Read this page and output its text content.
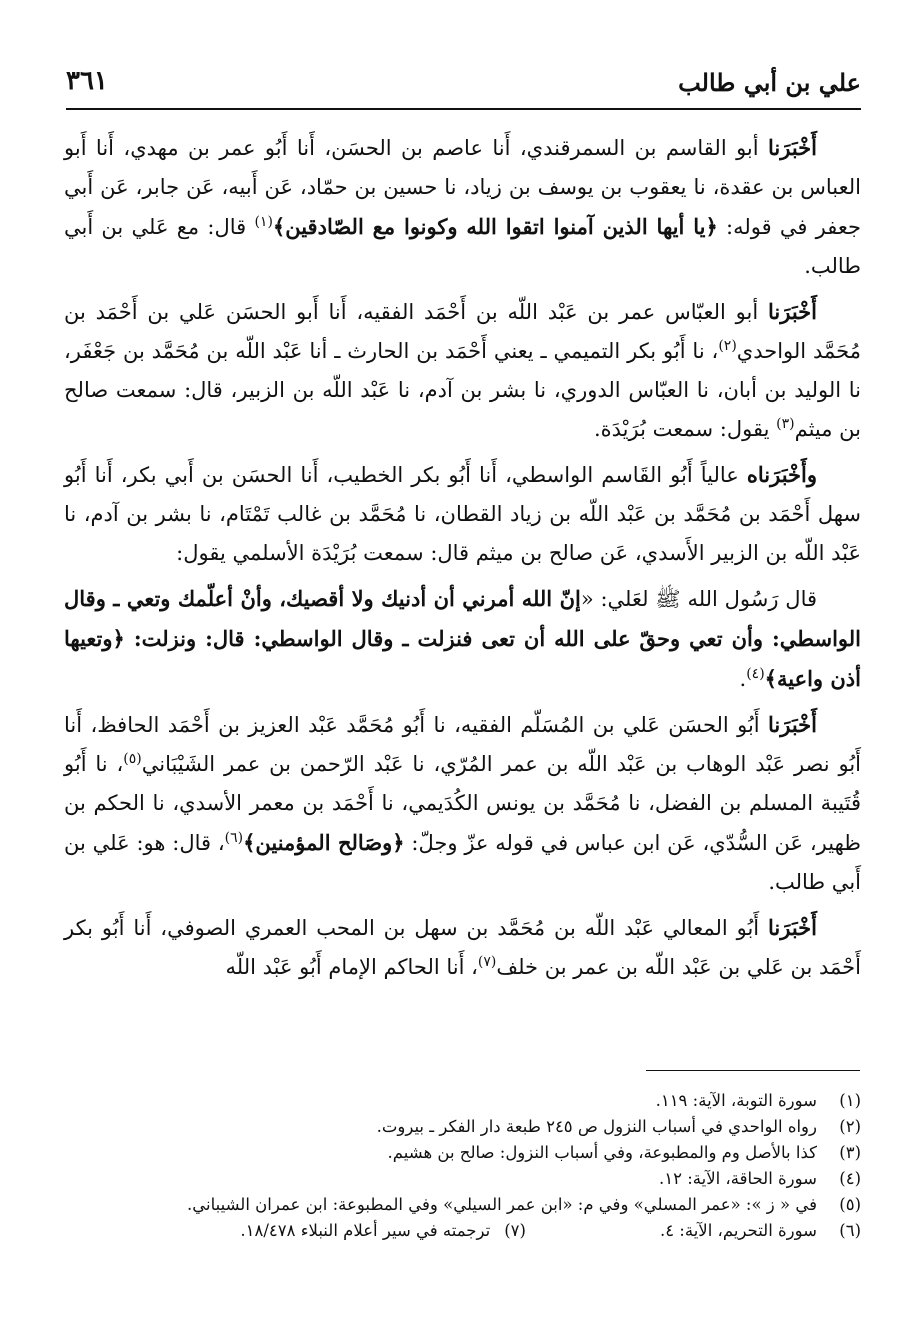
٣٦١	علي بن أبي طالب

أَخْبَرَنا أبو القاسم بن السمرقندي، أَنا عاصم بن الحسَن، أَنا أَبُو عمر بن مهدي، أَنا أَبو العباس بن عقدة، نا يعقوب بن يوسف بن زياد، نا حسين بن حمّاد، عَن أَبيه، عَن جابر، عَن أَبي جعفر في قوله: ﴿يا أيها الذين آمنوا اتقوا الله وكونوا مع الصّادقين﴾$^{(١)}$ قال: مع عَلي بن أَبي طالب.

أَخْبَرَنا أبو العبّاس عمر بن عَبْد اللّه بن أَحْمَد الفقيه، أَنا أَبو الحسَن عَلي بن أَحْمَد بن مُحَمَّد الواحدي$^{(٢)}$، نا أَبُو بكر التميمي ـ يعني أَحْمَد بن الحارث ـ أنا عَبْد اللّه بن مُحَمَّد بن جَعْفَر، نا الوليد بن أبان، نا العبّاس الدوري، نا بشر بن آدم، نا عَبْد اللّه بن الزبير، قال: سمعت صالح بن ميثم$^{(٣)}$ يقول: سمعت بُرَيْدَة.

وأَخْبَرَناه عالياً أَبُو القَاسم الواسطي، أَنا أَبُو بكر الخطيب، أَنا الحسَن بن أَبي بكر، أَنا أَبُو سهل أَحْمَد بن مُحَمَّد بن عَبْد اللّه بن زياد القطان، نا مُحَمَّد بن غالب تَمْتَام، نا بشر بن آدم، نا عَبْد اللّه بن الزبير الأَسدي، عَن صالح بن ميثم قال: سمعت بُرَيْدَة الأسلمي يقول:

قال رَسُول الله ﷺ لعَلي: «إنّ الله أمرني أن أدنيك ولا أقصيك، وأنْ أعلّمك وتعي ـ وقال الواسطي: وأن تعي وحقّ على الله أن تعى فنزلت ـ وقال الواسطي: قال: ونزلت: ﴿وتعيها أذن واعية﴾$^{(٤)}$.

أَخْبَرَنا أَبُو الحسَن عَلي بن المُسَلّم الفقيه، نا أَبُو مُحَمَّد عَبْد العزيز بن أَحْمَد الحافظ، أَنا أَبُو نصر عَبْد الوهاب بن عَبْد اللّه بن عمر المُرّي، نا عَبْد الرّحمن بن عمر الشَيْبَاني$^{(٥)}$، نا أَبُو قُتَيبة المسلم بن الفضل، نا مُحَمَّد بن يونس الكُدَيمي، نا أَحْمَد بن معمر الأسدي، نا الحكم بن ظهير، عَن السُّدّي، عَن ابن عباس في قوله عزّ وجلّ: ﴿وصَالح المؤمنين﴾$^{(٦)}$، قال: هو: عَلي بن أَبي طالب.

أَخْبَرَنا أَبُو المعالي عَبْد اللّه بن مُحَمَّد بن سهل بن المحب العمري الصوفي، أَنا أَبُو بكر أَحْمَد بن عَلي بن عَبْد اللّه بن عمر بن خلف$^{(٧)}$، أَنا الحاكم الإمام أَبُو عَبْد اللّه

(١)
سورة التوبة، الآية: ١١٩.
(٢)
رواه الواحدي في أسباب النزول ص ٢٤٥ طبعة دار الفكر ـ بيروت.
(٣)
كذا بالأصل وم والمطبوعة، وفي أسباب النزول: صالح بن هشيم.
(٤)
سورة الحاقة، الآية: ١٢.
(٥)
في « ز »: «عمر المسلي» وفي م: «ابن عمر السيلي» وفي المطبوعة: ابن عمران الشيباني.
(٦)
سورة التحريم، الآية: ٤.
(٧)
ترجمته في سير أعلام النبلاء ١٨/٤٧٨.
